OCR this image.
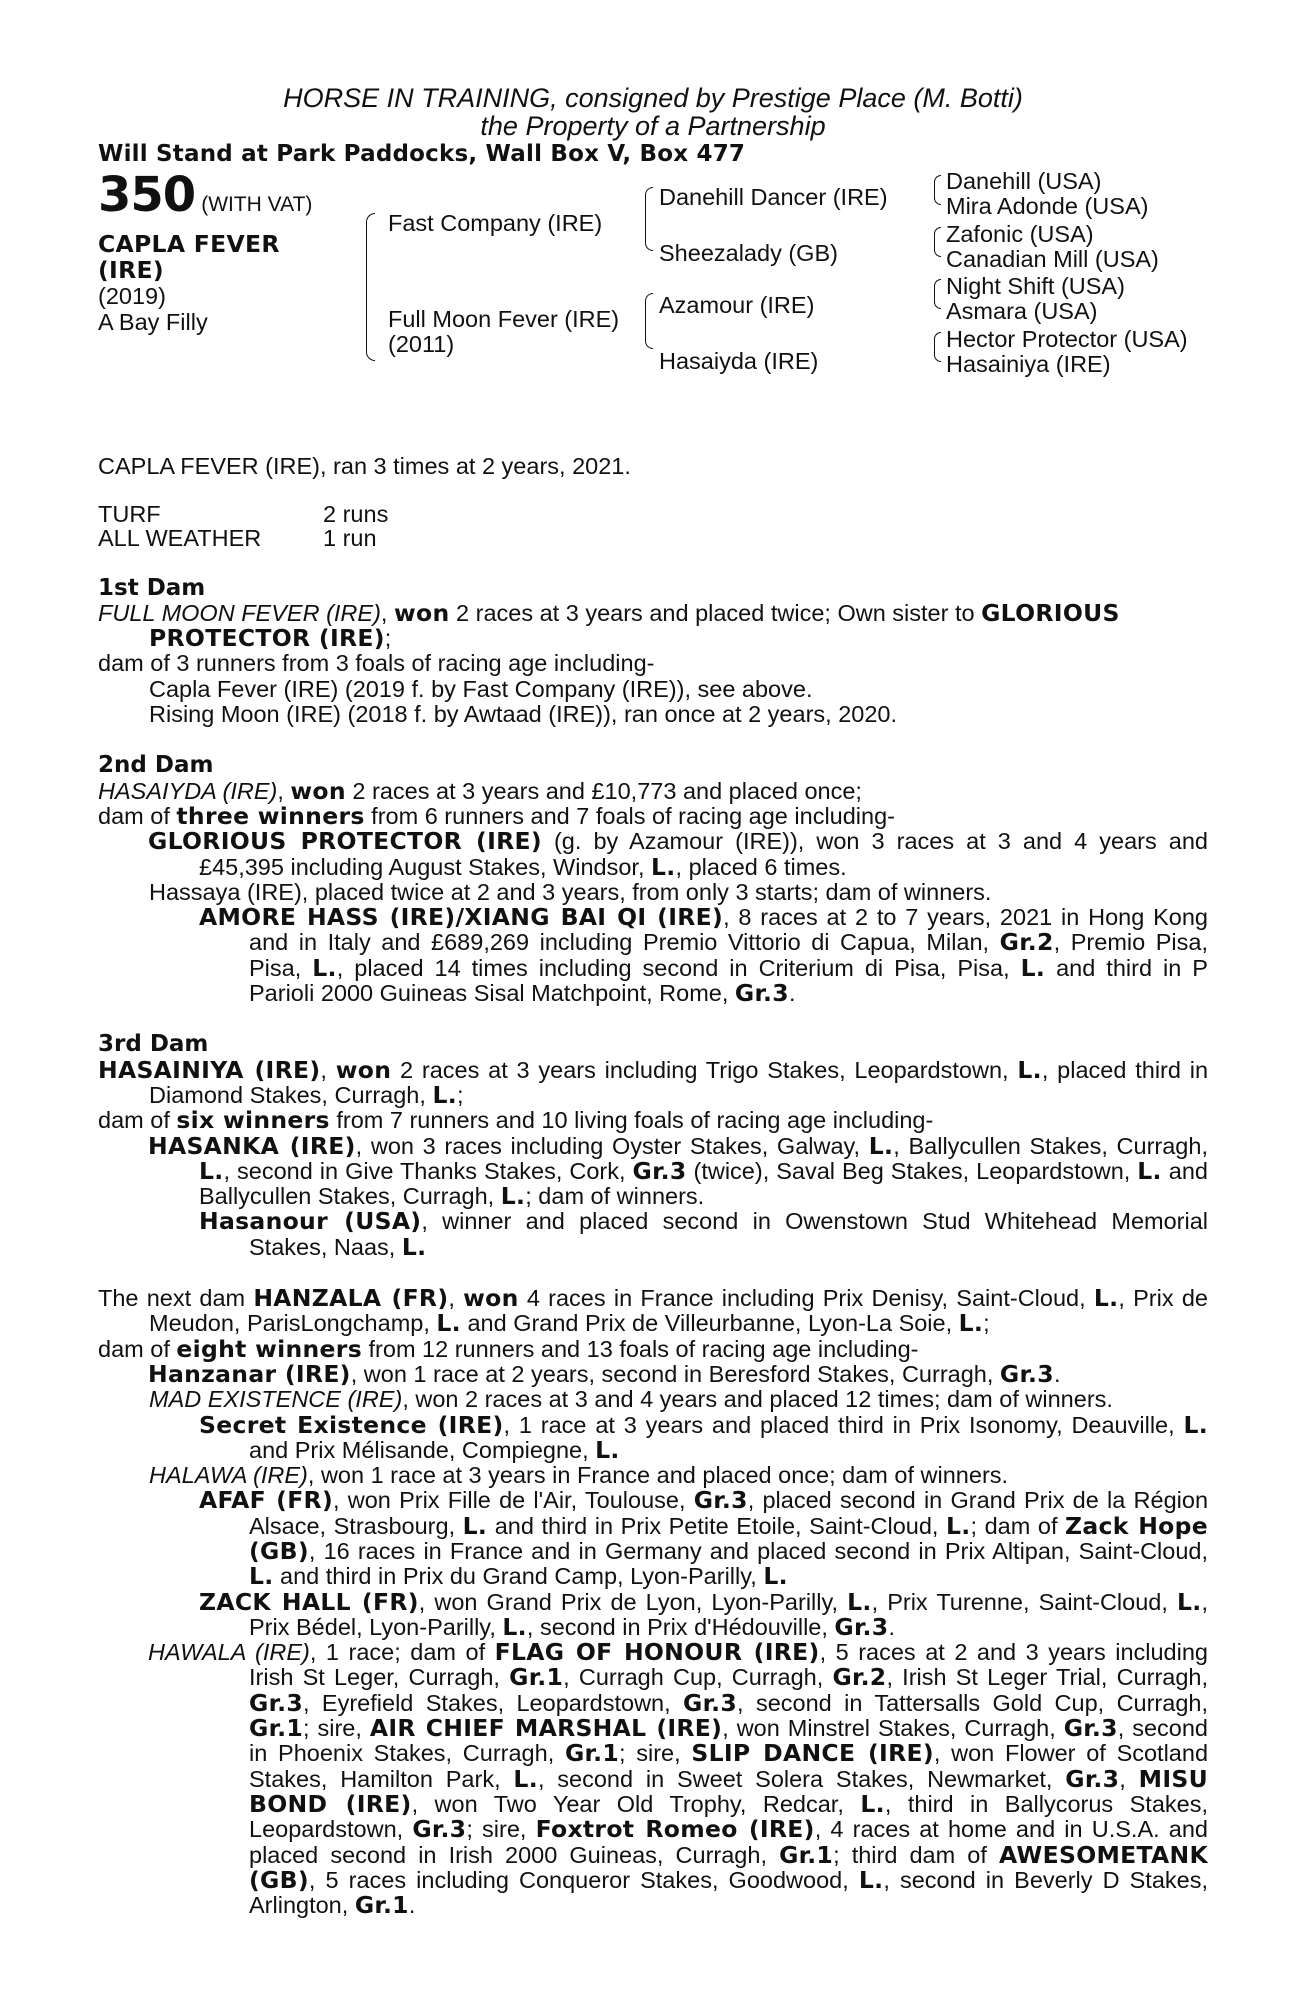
HORSE IN TRAINING, consigned by Prestige Place (M. Botti)
the Property of a Partnership
Will Stand at Park Paddocks, Wall Box V, Box 477
350 (WITH VAT)
CAPLA FEVER
(IRE)
(2019)
A Bay Filly
Fast Company (IRE)
Full Moon Fever (IRE)
(2011)
Danehill Dancer (IRE)
Sheezalady (GB)
Azamour (IRE)
Hasaiyda (IRE)
Danehill (USA)
Mira Adonde (USA)
Zafonic (USA)
Canadian Mill (USA)
Night Shift (USA)
Asmara (USA)
Hector Protector (USA)
Hasainiya (IRE)
CAPLA FEVER (IRE), ran 3 times at 2 years, 2021.
TURF	2 runs
ALL WEATHER	1 run
1st Dam
FULL MOON FEVER (IRE), won 2 races at 3 years and placed twice; Own sister to GLORIOUS
PROTECTOR (IRE);
dam of 3 runners from 3 foals of racing age including-
Capla Fever (IRE) (2019 f. by Fast Company (IRE)), see above.
Rising Moon (IRE) (2018 f. by Awtaad (IRE)), ran once at 2 years, 2020.
2nd Dam
HASAIYDA (IRE), won 2 races at 3 years and £10,773 and placed once;
dam of three winners from 6 runners and 7 foals of racing age including-
GLORIOUS PROTECTOR (IRE) (g. by Azamour (IRE)), won 3 races at 3 and 4 years and £45,395 including August Stakes, Windsor, L., placed 6 times.
Hassaya (IRE), placed twice at 2 and 3 years, from only 3 starts; dam of winners.
AMORE HASS (IRE)/XIANG BAI QI (IRE), 8 races at 2 to 7 years, 2021 in Hong Kong and in Italy and £689,269 including Premio Vittorio di Capua, Milan, Gr.2, Premio Pisa, Pisa, L., placed 14 times including second in Criterium di Pisa, Pisa, L. and third in P Parioli 2000 Guineas Sisal Matchpoint, Rome, Gr.3.
3rd Dam
HASAINIYA (IRE), won 2 races at 3 years including Trigo Stakes, Leopardstown, L., placed third in Diamond Stakes, Curragh, L.;
dam of six winners from 7 runners and 10 living foals of racing age including-
HASANKA (IRE), won 3 races including Oyster Stakes, Galway, L., Ballycullen Stakes, Curragh, L., second in Give Thanks Stakes, Cork, Gr.3 (twice), Saval Beg Stakes, Leopardstown, L. and Ballycullen Stakes, Curragh, L.; dam of winners.
Hasanour (USA), winner and placed second in Owenstown Stud Whitehead Memorial Stakes, Naas, L.
The next dam HANZALA (FR), won 4 races in France including Prix Denisy, Saint-Cloud, L., Prix de Meudon, ParisLongchamp, L. and Grand Prix de Villeurbanne, Lyon-La Soie, L.;
dam of eight winners from 12 runners and 13 foals of racing age including-
Hanzanar (IRE), won 1 race at 2 years, second in Beresford Stakes, Curragh, Gr.3.
MAD EXISTENCE (IRE), won 2 races at 3 and 4 years and placed 12 times; dam of winners.
Secret Existence (IRE), 1 race at 3 years and placed third in Prix Isonomy, Deauville, L. and Prix Mélisande, Compiegne, L.
HALAWA (IRE), won 1 race at 3 years in France and placed once; dam of winners.
AFAF (FR), won Prix Fille de l'Air, Toulouse, Gr.3, placed second in Grand Prix de la Région Alsace, Strasbourg, L. and third in Prix Petite Etoile, Saint-Cloud, L.; dam of Zack Hope (GB), 16 races in France and in Germany and placed second in Prix Altipan, Saint-Cloud, L. and third in Prix du Grand Camp, Lyon-Parilly, L.
ZACK HALL (FR), won Grand Prix de Lyon, Lyon-Parilly, L., Prix Turenne, Saint-Cloud, L., Prix Bédel, Lyon-Parilly, L., second in Prix d'Hédouville, Gr.3.
HAWALA (IRE), 1 race; dam of FLAG OF HONOUR (IRE), 5 races at 2 and 3 years including Irish St Leger, Curragh, Gr.1, Curragh Cup, Curragh, Gr.2, Irish St Leger Trial, Curragh, Gr.3, Eyrefield Stakes, Leopardstown, Gr.3, second in Tattersalls Gold Cup, Curragh, Gr.1; sire, AIR CHIEF MARSHAL (IRE), won Minstrel Stakes, Curragh, Gr.3, second in Phoenix Stakes, Curragh, Gr.1; sire, SLIP DANCE (IRE), won Flower of Scotland Stakes, Hamilton Park, L., second in Sweet Solera Stakes, Newmarket, Gr.3, MISU BOND (IRE), won Two Year Old Trophy, Redcar, L., third in Ballycorus Stakes, Leopardstown, Gr.3; sire, Foxtrot Romeo (IRE), 4 races at home and in U.S.A. and placed second in Irish 2000 Guineas, Curragh, Gr.1; third dam of AWESOMETANK (GB), 5 races including Conqueror Stakes, Goodwood, L., second in Beverly D Stakes, Arlington, Gr.1.
